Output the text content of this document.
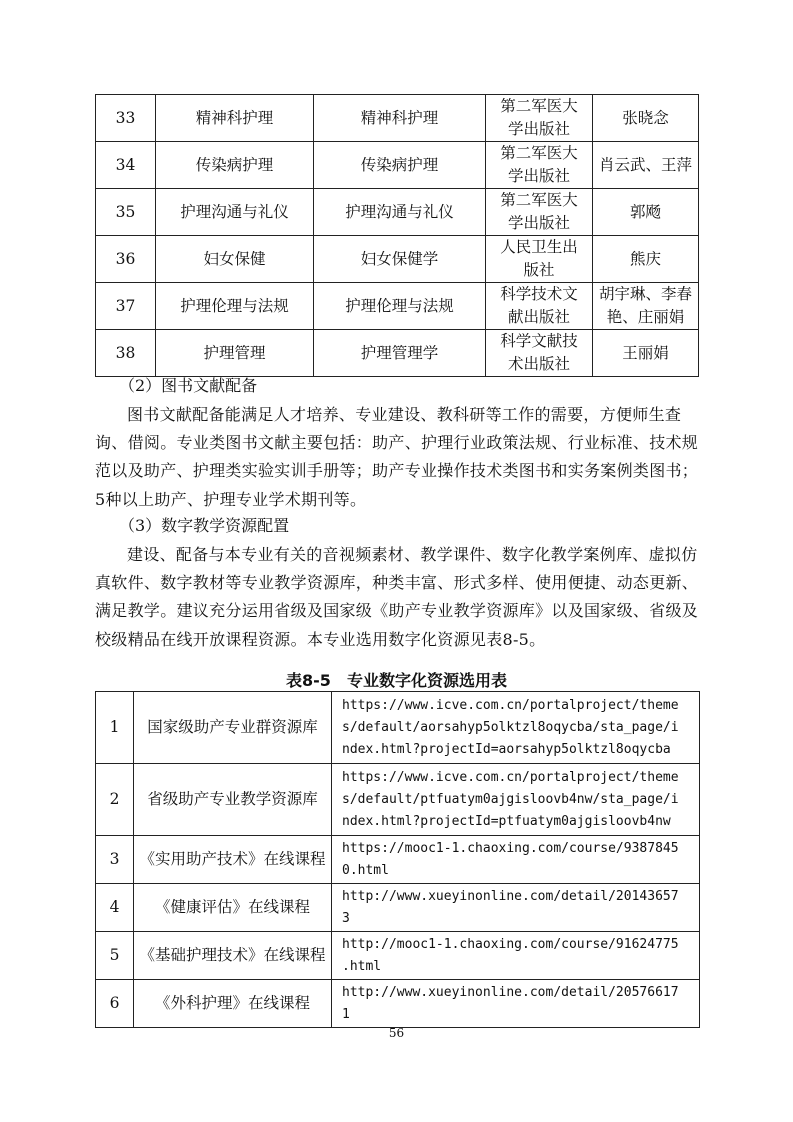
33	精神科护理	精神科护理	第二军医大
学出版社	张晓念

34	传染病护理	传染病护理	第二军医大
学出版社	肖云武、王萍

35	护理沟通与礼仪	护理沟通与礼仪	第二军医大
学出版社	郭飏

36	妇女保健	妇女保健学	人民卫生出
版社	熊庆

37	护理伦理与法规	护理伦理与法规	科学技术文
献出版社	胡宇琳、李春
艳、庄丽娟

38	护理管理	护理管理学	科学文献技
术出版社	王丽娟
（2）图书文献配备
图书文献配备能满足人才培养、专业建设、教科研等工作的需要，方便师生查询、借阅。专业类图书文献主要包括：助产、护理行业政策法规、行业标准、技术规范以及助产、护理类实验实训手册等；助产专业操作技术类图书和实务案例类图书；5种以上助产、护理专业学术期刊等。
（3）数字教学资源配置
建设、配备与本专业有关的音视频素材、教学课件、数字化教学案例库、虚拟仿真软件、数字教材等专业教学资源库，种类丰富、形式多样、使用便捷、动态更新、满足教学。建议充分运用省级及国家级《助产专业教学资源库》以及国家级、省级及校级精品在线开放课程资源。本专业选用数字化资源见表8-5。
表8-5　专业数字化资源选用表
1	国家级助产专业群资源库	https://www.icve.com.cn/portalproject/theme
s/default/aorsahyp5olktzl8oqycba/sta_page/i
ndex.html?projectId=aorsahyp5olktzl8oqycba

2	省级助产专业教学资源库	https://www.icve.com.cn/portalproject/theme
s/default/ptfuatym0ajgisloovb4nw/sta_page/i
ndex.html?projectId=ptfuatym0ajgisloovb4nw

3	《实用助产技术》在线课程	https://mooc1-1.chaoxing.com/course/9387845
0.html

4	《健康评估》在线课程	http://www.xueyinonline.com/detail/20143657
3

5	《基础护理技术》在线课程	http://mooc1-1.chaoxing.com/course/91624775
.html

6	《外科护理》在线课程	http://www.xueyinonline.com/detail/20576617
1
56
